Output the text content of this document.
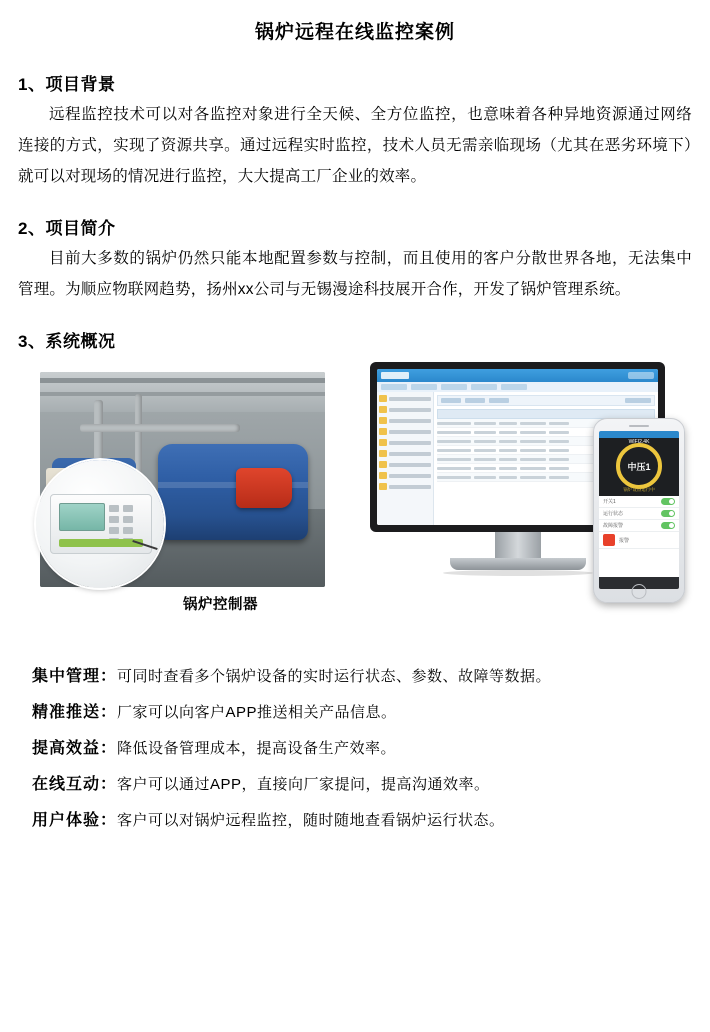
锅炉远程在线监控案例
1、项目背景

远程监控技术可以对各监控对象进行全天候、全方位监控，也意味着各种异地资源通过网络连接的方式，实现了资源共享。通过远程实时监控，技术人员无需亲临现场（尤其在恶劣环境下）就可以对现场的情况进行监控，大大提高工厂企业的效率。

2、项目简介

目前大多数的锅炉仍然只能本地配置参数与控制，而且使用的客户分散世界各地，无法集中管理。为顺应物联网趋势，扬州xx公司与无锡漫途科技展开合作，开发了锅炉管理系统。

3、系统概况
锅炉控制器
WIFI2.4K
中压1
锅炉设备运行中
开关1
运行状态
故障报警
报警
集中管理：可同时查看多个锅炉设备的实时运行状态、参数、故障等数据。
精准推送：厂家可以向客户APP推送相关产品信息。
提高效益：降低设备管理成本，提高设备生产效率。
在线互动：客户可以通过APP，直接向厂家提问，提高沟通效率。
用户体验：客户可以对锅炉远程监控，随时随地查看锅炉运行状态。
